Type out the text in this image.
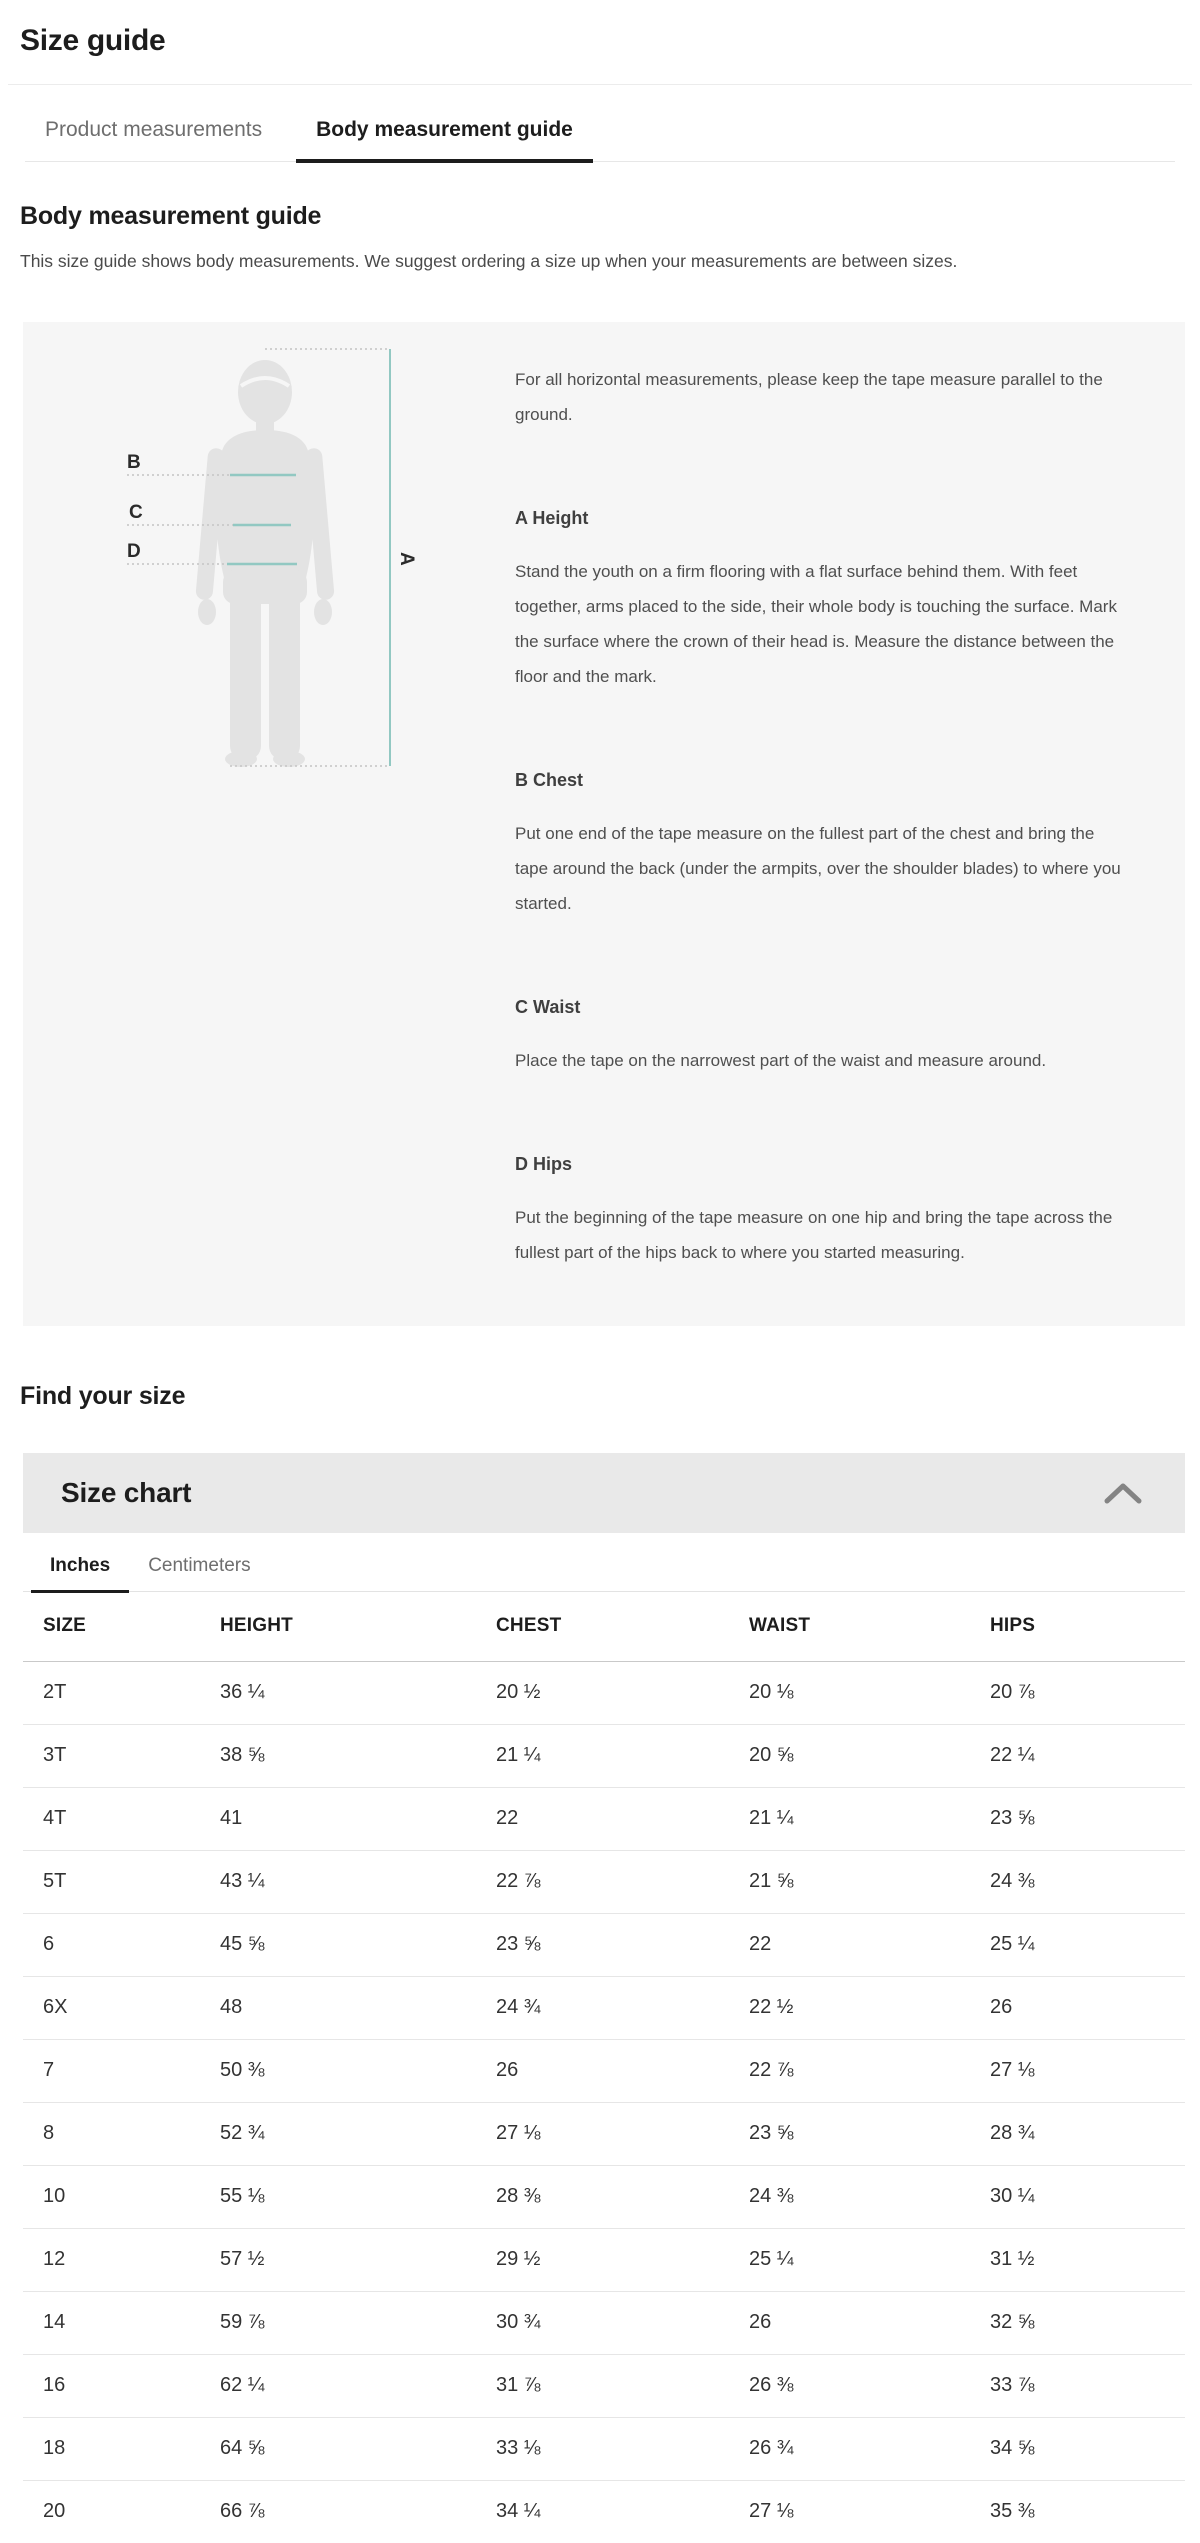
Size guide
Product measurements	Body measurement guide
Body measurement guide

This size guide shows body measurements. We suggest ordering a size up when your measurements are between sizes.

B
C
D	A

For all horizontal measurements, please keep the tape measure parallel to the ground.

A Height

Stand the youth on a firm flooring with a flat surface behind them. With feet together, arms placed to the side, their whole body is touching the surface. Mark the surface where the crown of their head is. Measure the distance between the floor and the mark.

B Chest

Put one end of the tape measure on the fullest part of the chest and bring the tape around the back (under the armpits, over the shoulder blades) to where you started.

C Waist

Place the tape on the narrowest part of the waist and measure around.

D Hips

Put the beginning of the tape measure on one hip and bring the tape across the fullest part of the hips back to where you started measuring.

Find your size
Size chart
Inches	Centimeters
SIZE	HEIGHT	CHEST	WAIST	HIPS
2T	36 ¼	20 ½	20 ⅛	20 ⅞
3T	38 ⅝	21 ¼	20 ⅝	22 ¼
4T	41	22	21 ¼	23 ⅝
5T	43 ¼	22 ⅞	21 ⅝	24 ⅜
6	45 ⅝	23 ⅝	22	25 ¼
6X	48	24 ¾	22 ½	26
7	50 ⅜	26	22 ⅞	27 ⅛
8	52 ¾	27 ⅛	23 ⅝	28 ¾
10	55 ⅛	28 ⅜	24 ⅜	30 ¼
12	57 ½	29 ½	25 ¼	31 ½
14	59 ⅞	30 ¾	26	32 ⅝
16	62 ¼	31 ⅞	26 ⅜	33 ⅞
18	64 ⅝	33 ⅛	26 ¾	34 ⅝
20	66 ⅞	34 ¼	27 ⅛	35 ⅜
